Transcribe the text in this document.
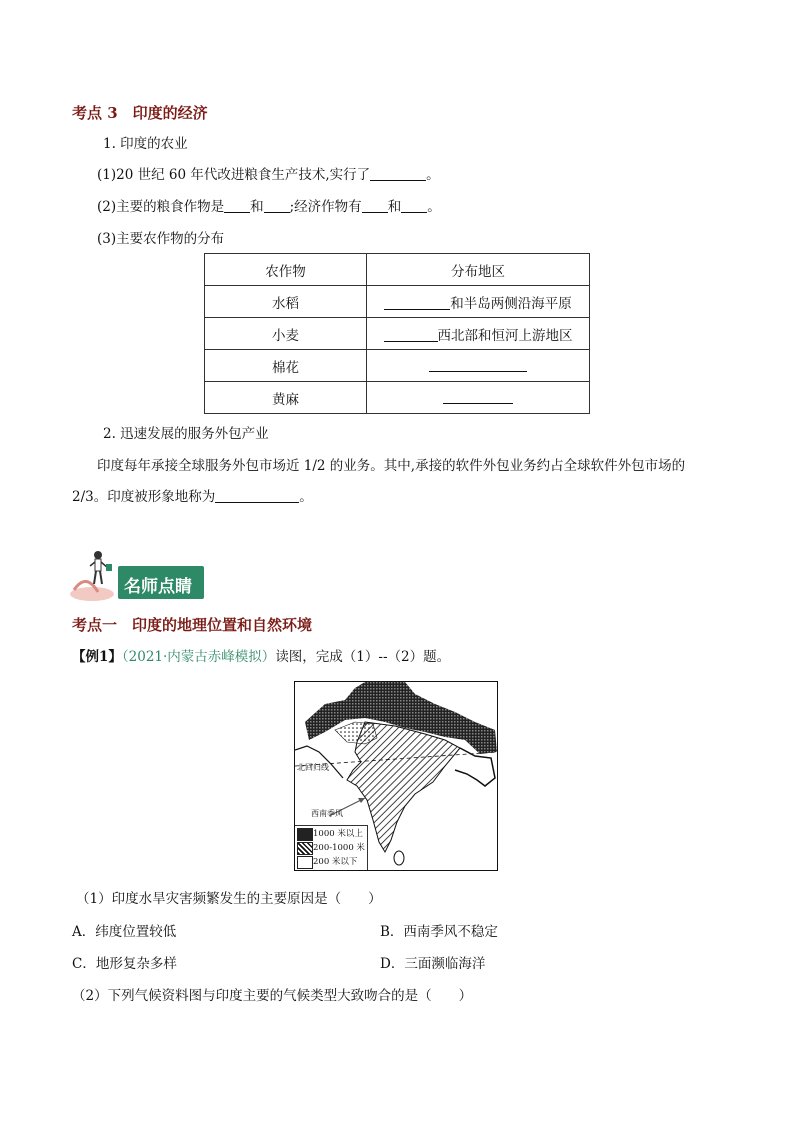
考点 3　印度的经济
1. 印度的农业
(1)20 世纪 60 年代改进粮食生产技术,实行了	。
(2)主要的粮食作物是 和 ;经济作物有 和 。
(3)主要农作物的分布
农作物	分布地区
水稻	和半岛两侧沿海平原
小麦	西北部和恒河上游地区
棉花	
黄麻	
2. 迅速发展的服务外包产业
印度每年承接全球服务外包市场近 1/2 的业务。其中,承接的软件外包业务约占全球软件外包市场的
2/3。印度被形象地称为	。
名师点睛
考点一　印度的地理位置和自然环境
【例1】（2021·内蒙古赤峰模拟）读图，完成（1）--（2）题。
北回归线
西南季风
1000 米以上
200-1000 米
200 米以下
（1）印度水旱灾害频繁发生的主要原因是（　　）
A．纬度位置较低	B．西南季风不稳定
C．地形复杂多样	D．三面濒临海洋
（2）下列气候资料图与印度主要的气候类型大致吻合的是（　　）
